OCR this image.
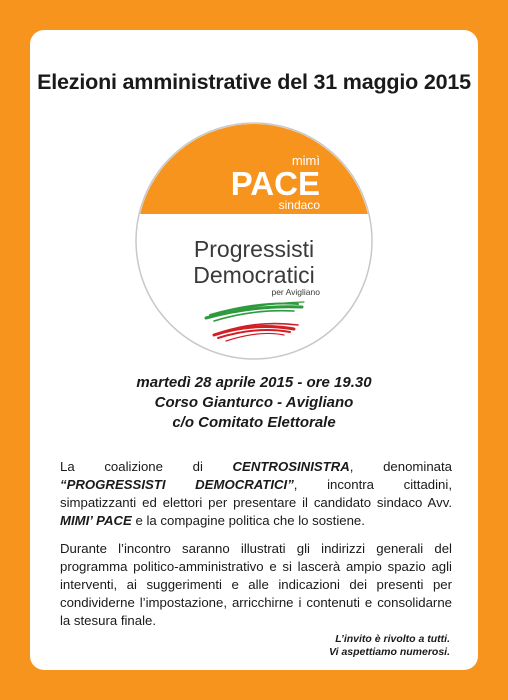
Elezioni amministrative del 31 maggio 2015
mimì
PACE
sindaco
Progressisti
Democratici
per Avigliano
martedì 28 aprile 2015 - ore 19.30
Corso Gianturco - Avigliano
c/o Comitato Elettorale

La coalizione di CENTROSINISTRA, denominata “PROGRESSISTI DEMOCRATICI”, incontra cittadini, simpatizzanti ed elettori per presentare il candidato sindaco Avv. MIMI’ PACE e la compagine politica che lo sostiene.

Durante l’incontro saranno illustrati gli indirizzi generali del programma politico-amministrativo e si lascerà ampio spazio agli interventi, ai suggerimenti e alle indicazioni dei presenti per condividerne l’impostazione, arricchirne i contenuti e consolidarne la stesura finale.

L’invito è rivolto a tutti.
Vi aspettiamo numerosi.
